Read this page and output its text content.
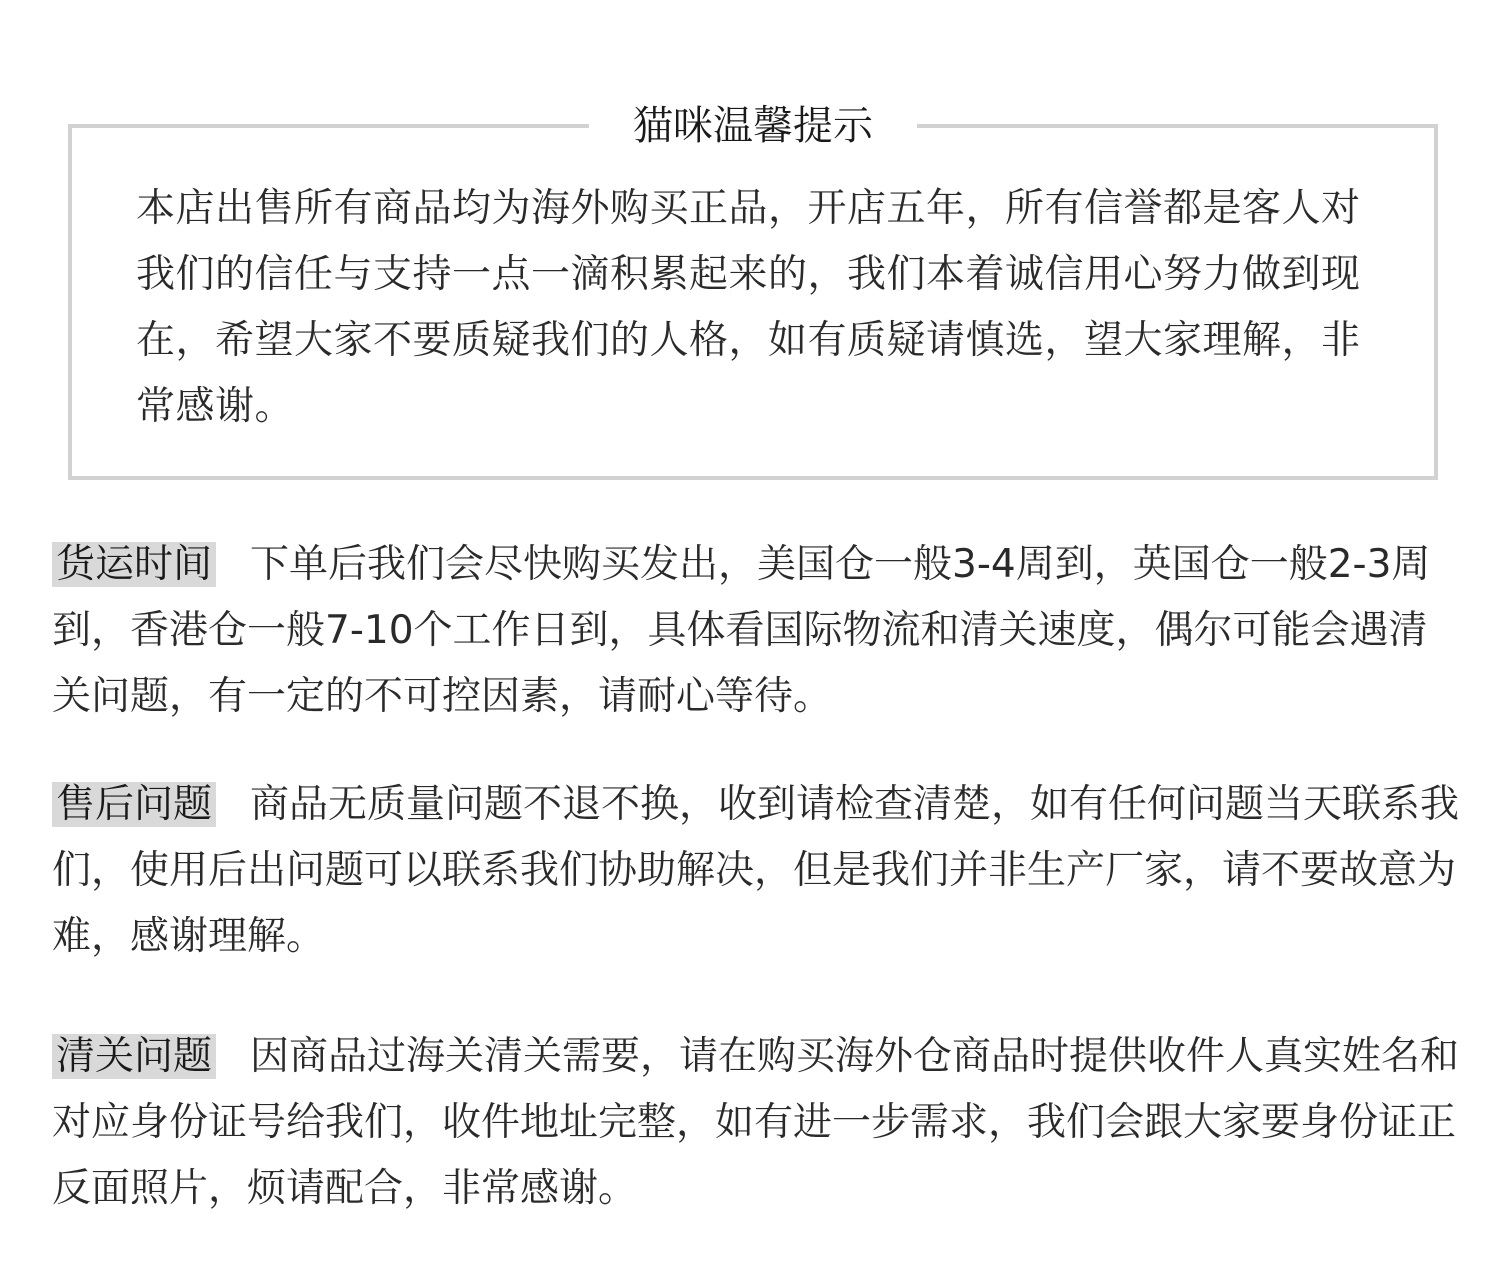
猫咪温馨提示

本店出售所有商品均为海外购买正品，开店五年，所有信誉都是客人对我们的信任与支持一点一滴积累起来的，我们本着诚信用心努力做到现在，希望大家不要质疑我们的人格，如有质疑请慎选，望大家理解，非常感谢。

货运时间 下单后我们会尽快购买发出，美国仓一般3-4周到，英国仓一般2-3周到，香港仓一般7-10个工作日到，具体看国际物流和清关速度，偶尔可能会遇清关问题，有一定的不可控因素，请耐心等待。

售后问题 商品无质量问题不退不换，收到请检查清楚，如有任何问题当天联系我们，使用后出问题可以联系我们协助解决，但是我们并非生产厂家，请不要故意为难，感谢理解。

清关问题 因商品过海关清关需要，请在购买海外仓商品时提供收件人真实姓名和对应身份证号给我们，收件地址完整，如有进一步需求，我们会跟大家要身份证正反面照片，烦请配合，非常感谢。
